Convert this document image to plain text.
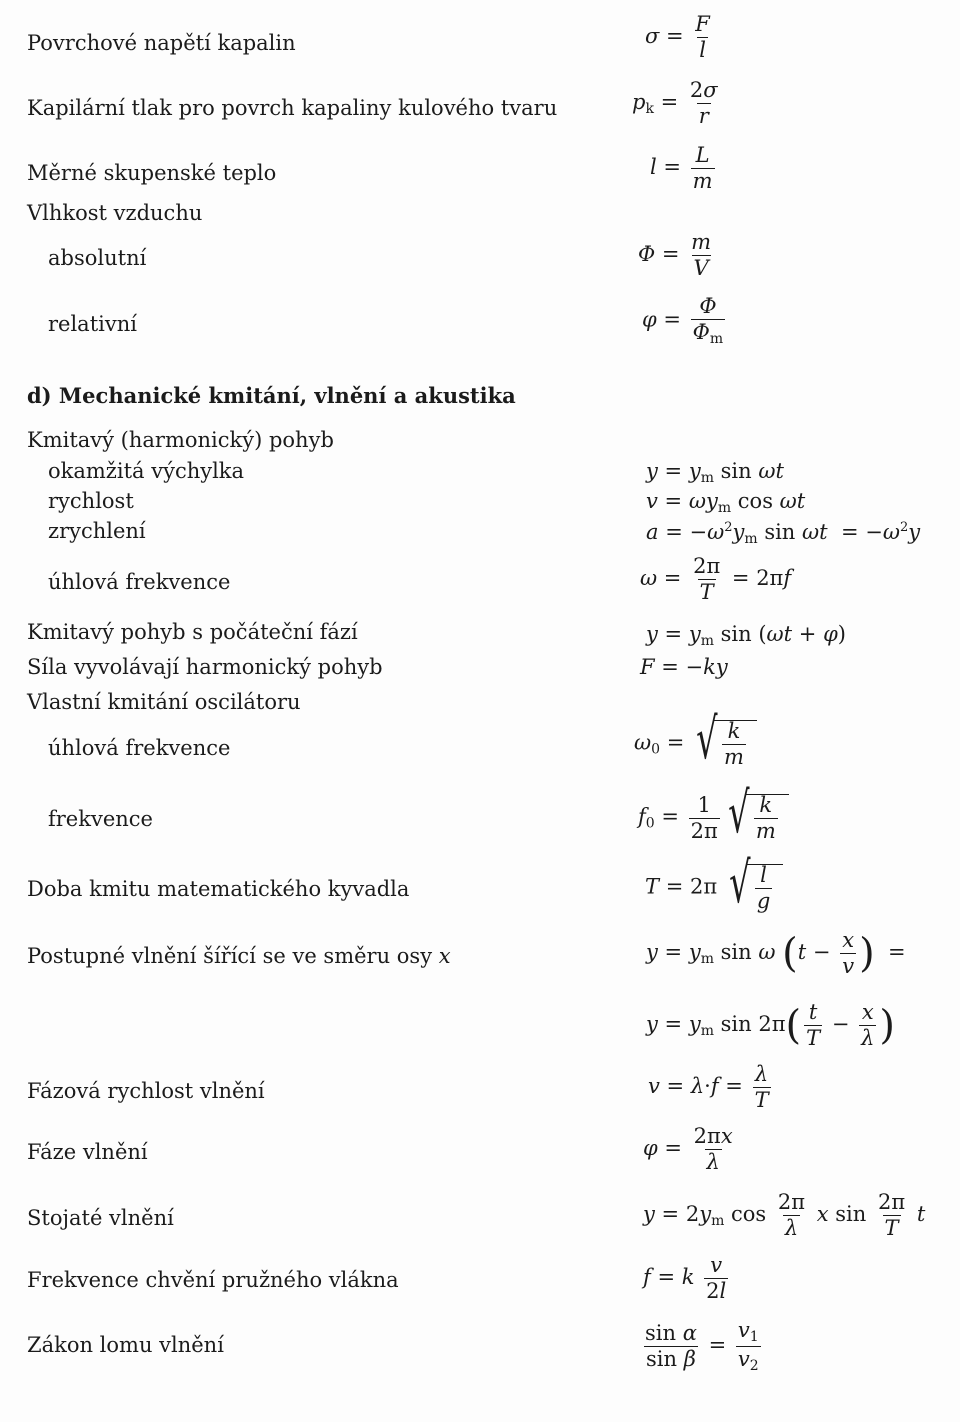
Povrchové napětí kapalin
Kapilární tlak pro povrch kapaliny kulového tvaru
Měrné skupenské teplo
Vlhkost vzduchu
absolutní
relativní
d) Mechanické kmitání, vlnění a akustika
Kmitavý (harmonický) pohyb
okamžitá výchylka
rychlost
zrychlení
úhlová frekvence
Kmitavý pohyb s počáteční fází
Síla vyvolávají harmonický pohyb
Vlastní kmitání oscilátoru
úhlová frekvence
frekvence
Doba kmitu matematického kyvadla
Postupné vlnění šířící se ve směru osy x
Fázová rychlost vlnění
Fáze vlnění
Stojaté vlnění
Frekvence chvění pružného vlákna
Zákon lomu vlnění
$\sigma = \frac{F}{l}$
$p_k = \frac{2\sigma}{r}$
$l = \frac{L}{m}$
$\Phi = \frac{m}{V}$
$\varphi = \frac{\Phi}{\Phi_m}$
$y = y_m$ sin ωt
$v = \omega y_m$ cos ωt
$a = -\omega^2y_m$ $\sin \omega t = -\omega^2y$
$\omega = \frac{2\pi}{T} = 2\pi f$
$y = y_m$ sin (ωt + φ)
F = −ky
$\omega_0$ = √ $\frac{k}{m}$
$f_0 = \frac{1}{2\pi}$ √ $\frac{k}{m}$
T = 2π √ $\frac{l}{g}$
$y = y_m$ sin ω ($t - \frac{x}{v}$ )  =
$y = y_m$ $\sin 2\pi( \frac{t}{T} - \frac{x}{\lambda}$ )
$v = \lambda\cdot f = \frac{\lambda}{T}$
$\varphi = \frac{2\pi x}{\lambda}$
$y = 2y_m$ $\cos \frac{2\pi}{\lambda}$ x $\sin \frac{2\pi}{T}$ t
f = k $\frac{v}{2l}$
$\frac{\text{sin α}}{\text{sin β}} = \frac{v_1}{v_2}$
